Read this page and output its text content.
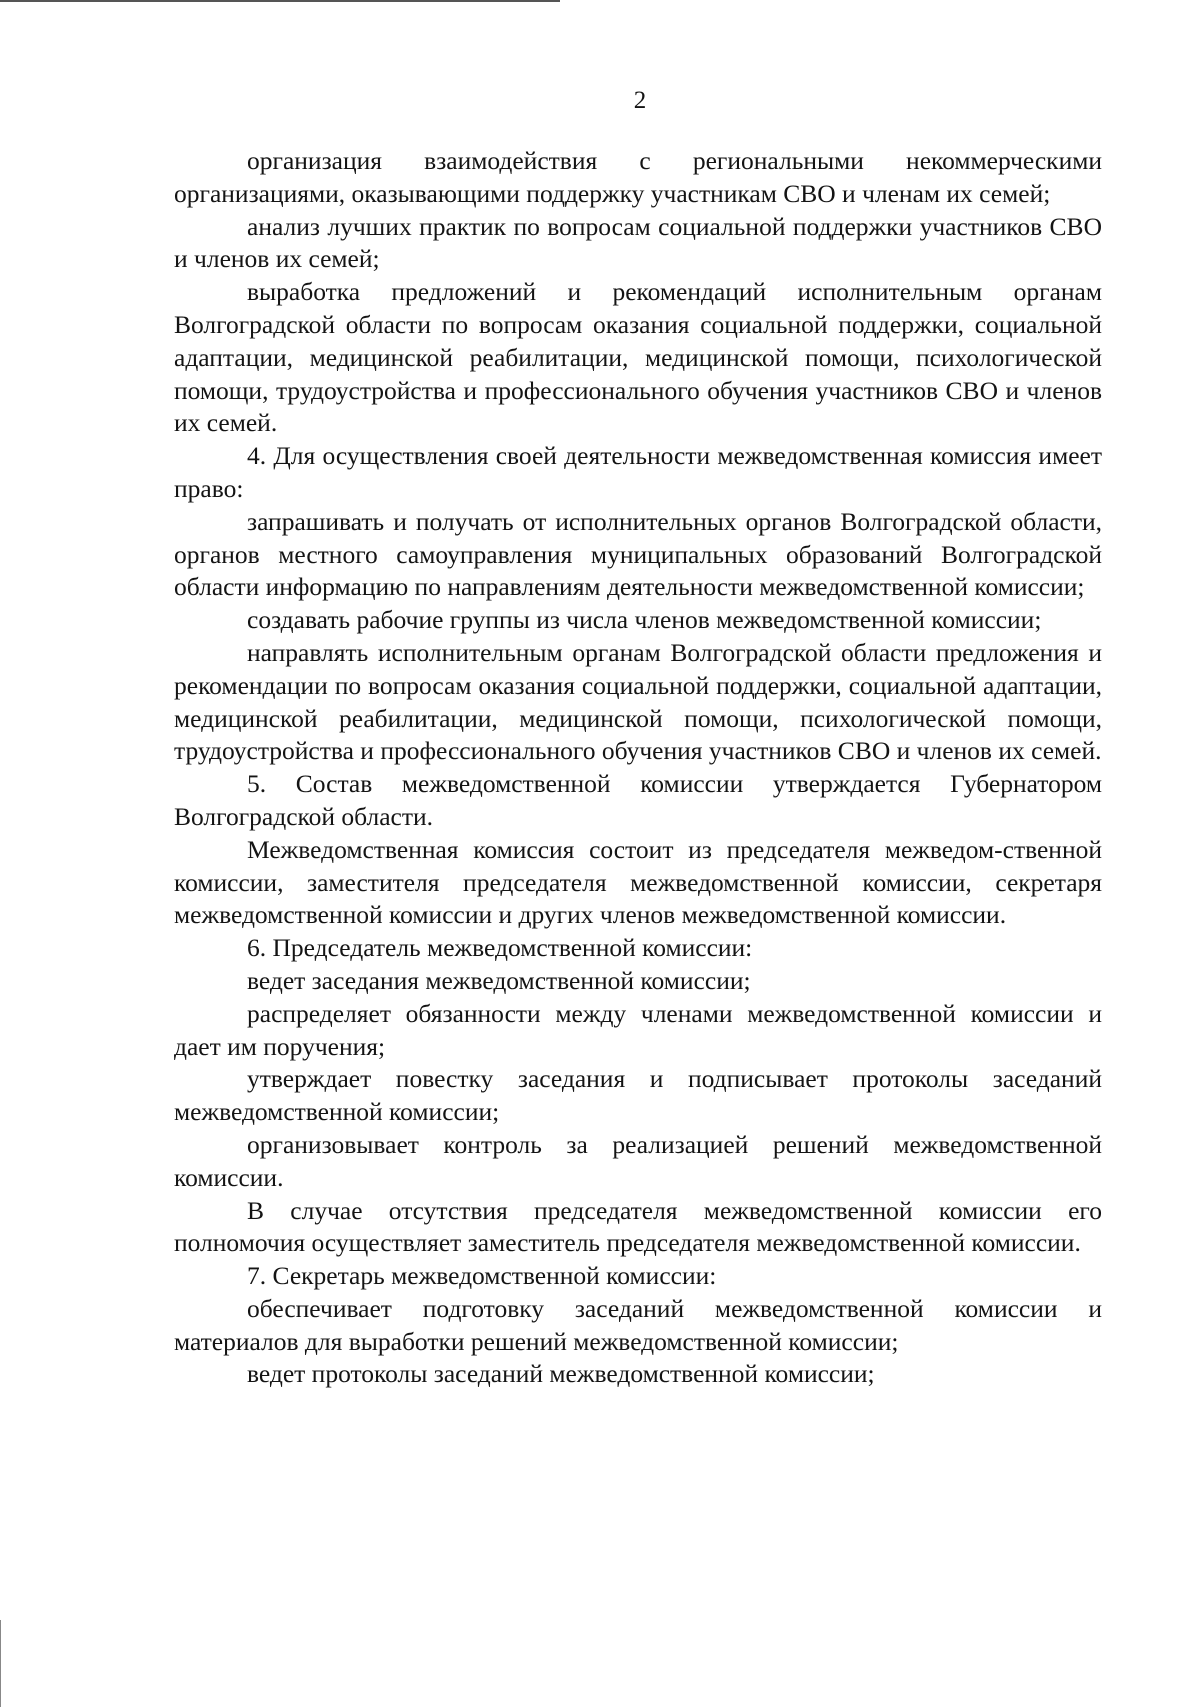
2

организация взаимодействия с региональными некоммерческими организациями, оказывающими поддержку участникам СВО и членам их семей;

анализ лучших практик по вопросам социальной поддержки участников СВО и членов их семей;

выработка предложений и рекомендаций исполнительным органам Волгоградской области по вопросам оказания социальной поддержки, социальной адаптации, медицинской реабилитации, медицинской помощи, психологической помощи, трудоустройства и профессионального обучения участников СВО и членов их семей.

4. Для осуществления своей деятельности межведомственная комиссия имеет право:

запрашивать и получать от исполнительных органов Волгоградской области, органов местного самоуправления муниципальных образований Волгоградской области информацию по направлениям деятельности межведомственной комиссии;

создавать рабочие группы из числа членов межведомственной комиссии;

направлять исполнительным органам Волгоградской области предложения и рекомендации по вопросам оказания социальной поддержки, социальной адаптации, медицинской реабилитации, медицинской помощи, психологической помощи, трудоустройства и профессионального обучения участников СВО и членов их семей.

5. Состав межведомственной комиссии утверждается Губернатором Волгоградской области.

Межведомственная комиссия состоит из председателя межведом-ственной комиссии, заместителя председателя межведомственной комиссии, секретаря межведомственной комиссии и других членов межведомственной комиссии.

6. Председатель межведомственной комиссии:

ведет заседания межведомственной комиссии;

распределяет обязанности между членами межведомственной комиссии и дает им поручения;

утверждает повестку заседания и подписывает протоколы заседаний межведомственной комиссии;

организовывает контроль за реализацией решений межведомственной комиссии.

В случае отсутствия председателя межведомственной комиссии его полномочия осуществляет заместитель председателя межведомственной комиссии.

7. Секретарь межведомственной комиссии:

обеспечивает подготовку заседаний межведомственной комиссии и материалов для выработки решений межведомственной комиссии;

ведет протоколы заседаний межведомственной комиссии;
